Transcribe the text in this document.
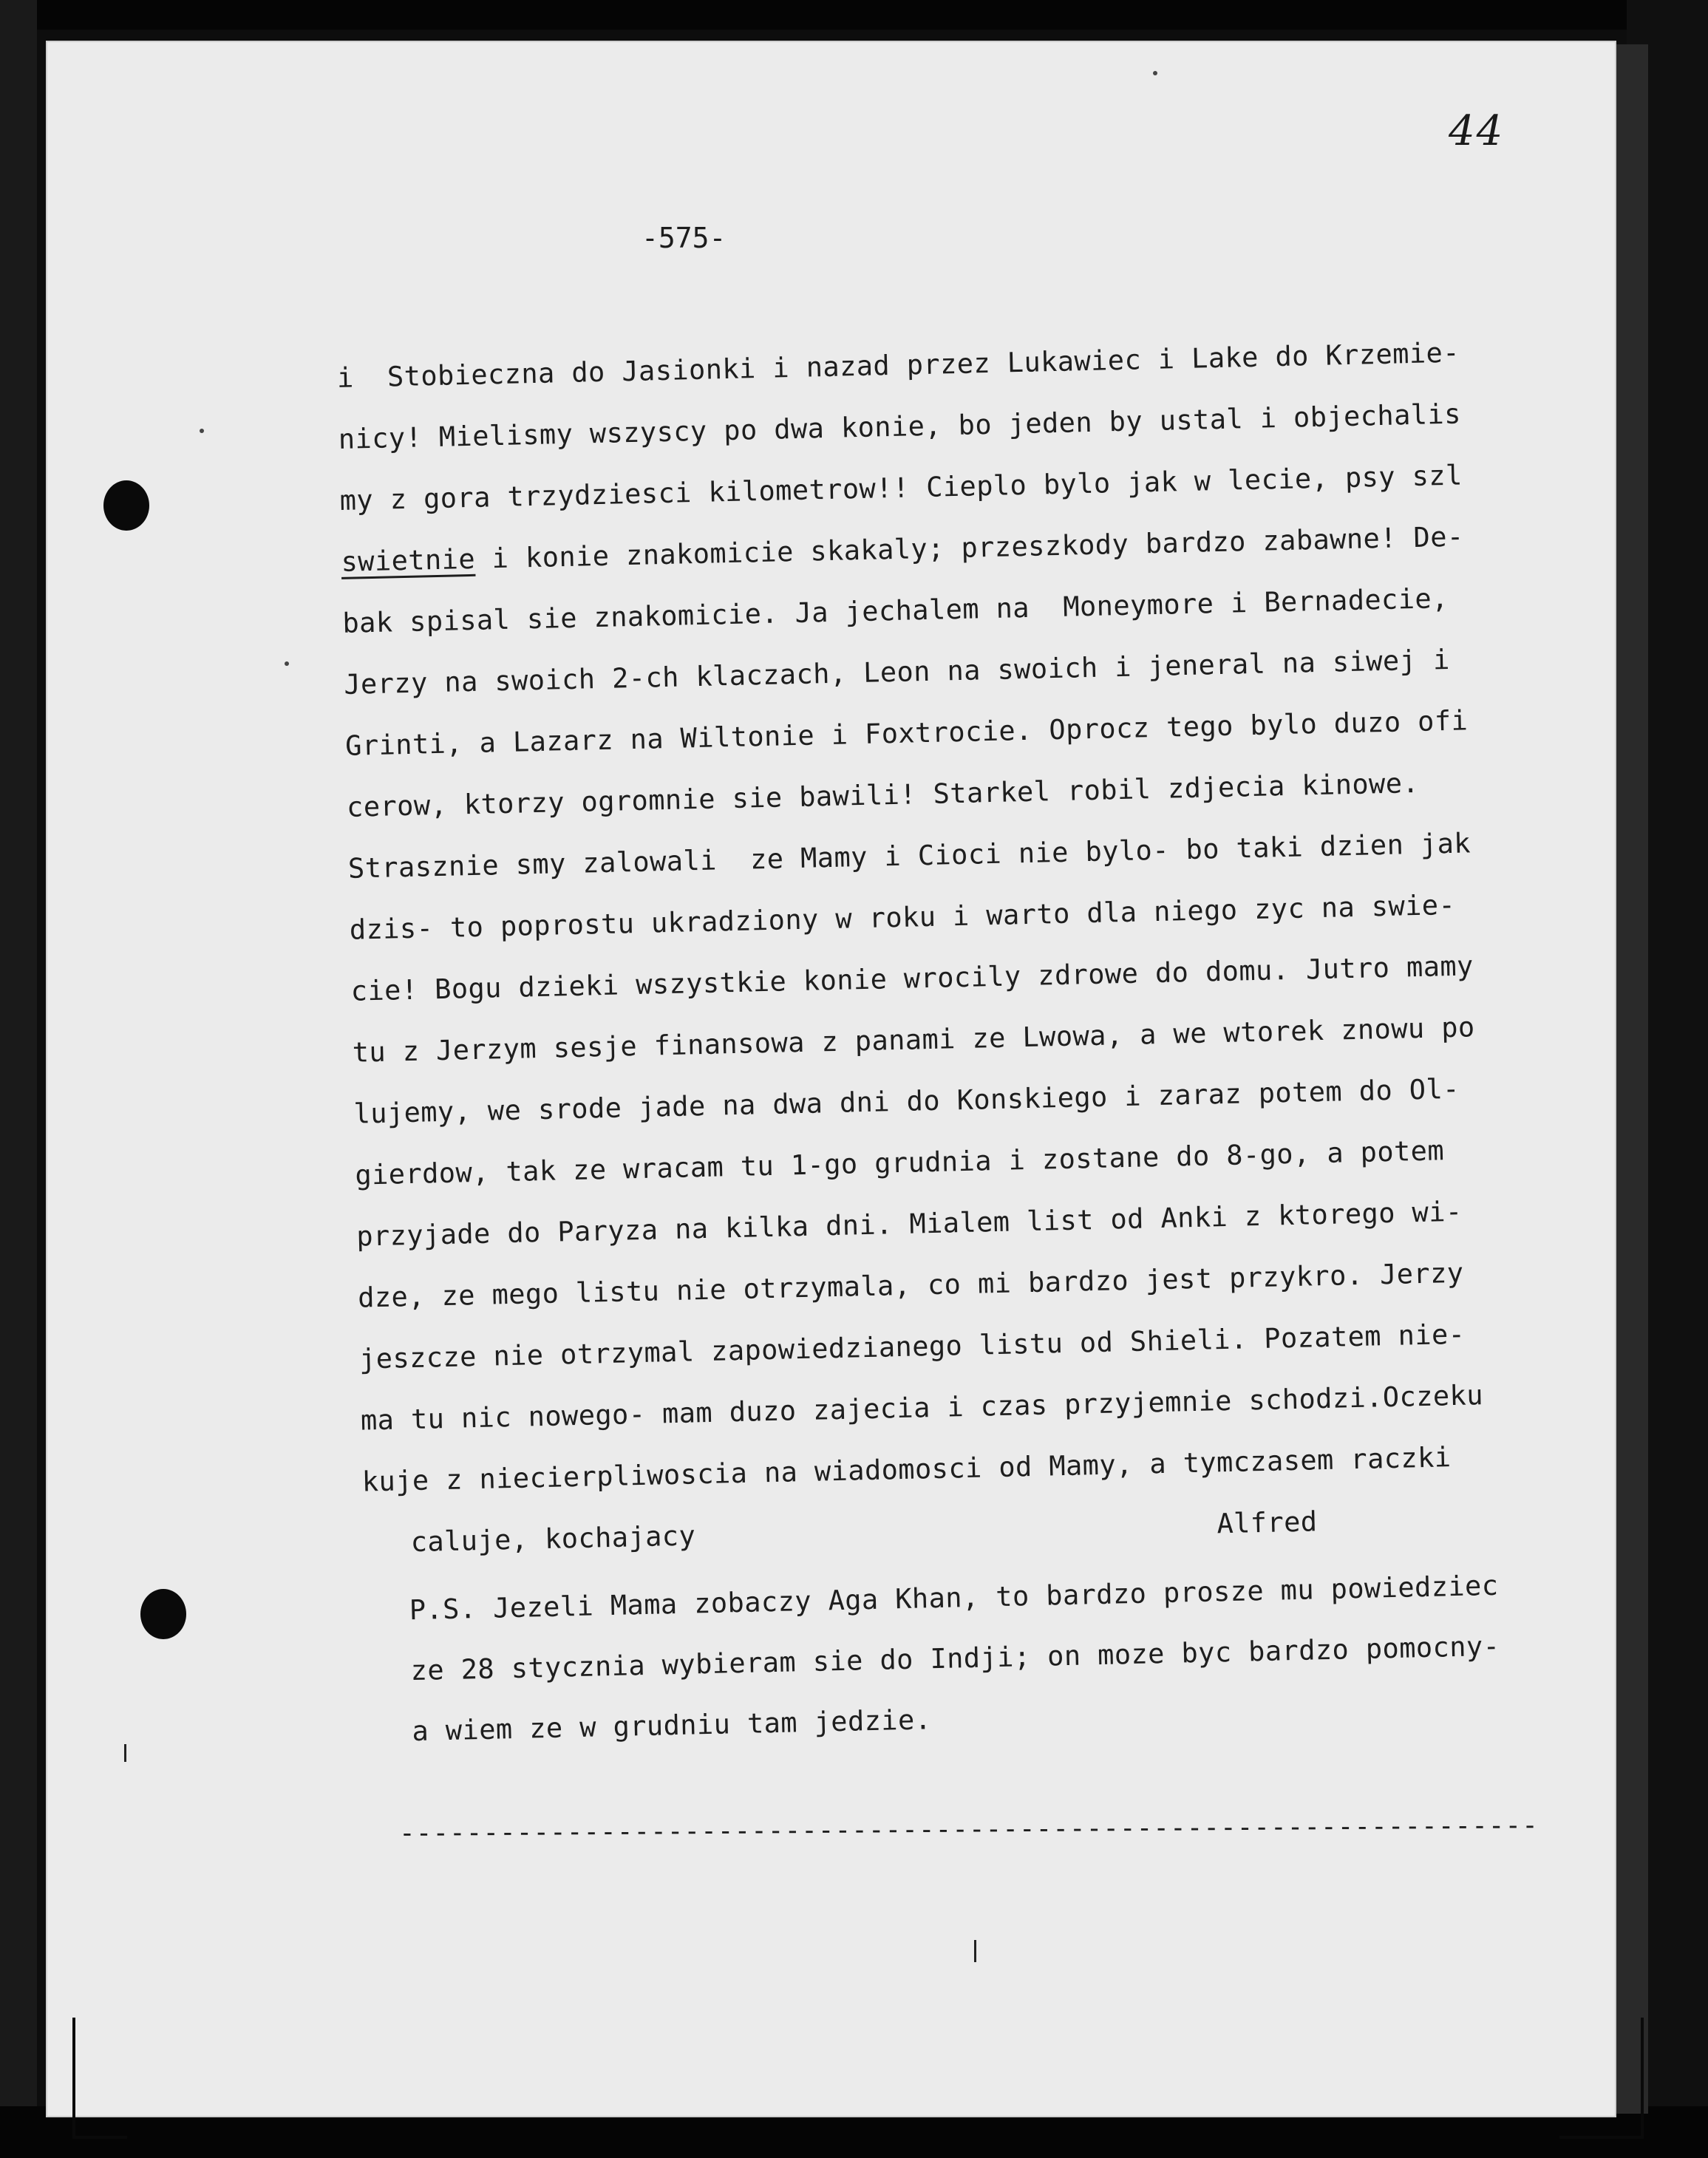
44
-575-
i  Stobieczna do Jasionki i nazad przez Lukawiec i Lake do Krzemie-
nicy! Mielismy wszyscy po dwa konie, bo jeden by ustal i objechalis
my z gora trzydziesci kilometrow!! Cieplo bylo jak w lecie, psy szl
swietnie i konie znakomicie skakaly; przeszkody bardzo zabawne! De-
bak spisal sie znakomicie. Ja jechalem na  Moneymore i Bernadecie,
Jerzy na swoich 2-ch klaczach, Leon na swoich i jeneral na siwej i
Grinti, a Lazarz na Wiltonie i Foxtrocie. Oprocz tego bylo duzo ofi
cerow, ktorzy ogromnie sie bawili! Starkel robil zdjecia kinowe.
Strasznie smy zalowali  ze Mamy i Cioci nie bylo- bo taki dzien jak
dzis- to poprostu ukradziony w roku i warto dla niego zyc na swie-
cie! Bogu dzieki wszystkie konie wrocily zdrowe do domu. Jutro mamy
tu z Jerzym sesje finansowa z panami ze Lwowa, a we wtorek znowu po
lujemy, we srode jade na dwa dni do Konskiego i zaraz potem do Ol-
gierdow, tak ze wracam tu 1-go grudnia i zostane do 8-go, a potem
przyjade do Paryza na kilka dni. Mialem list od Anki z ktorego wi-
dze, ze mego listu nie otrzymala, co mi bardzo jest przykro. Jerzy
jeszcze nie otrzymal zapowiedzianego listu od Shieli. Pozatem nie-
ma tu nic nowego- mam duzo zajecia i czas przyjemnie schodzi.Oczeku
kuje z niecierpliwoscia na wiadomosci od Mamy, a tymczasem raczki
caluje, kochajacy	Alfred
P.S. Jezeli Mama zobaczy Aga Khan, to bardzo prosze mu powiedziec
ze 28 stycznia wybieram sie do Indji; on moze byc bardzo pomocny-
a wiem ze w grudniu tam jedzie.
--------------------------------------------------------------------
